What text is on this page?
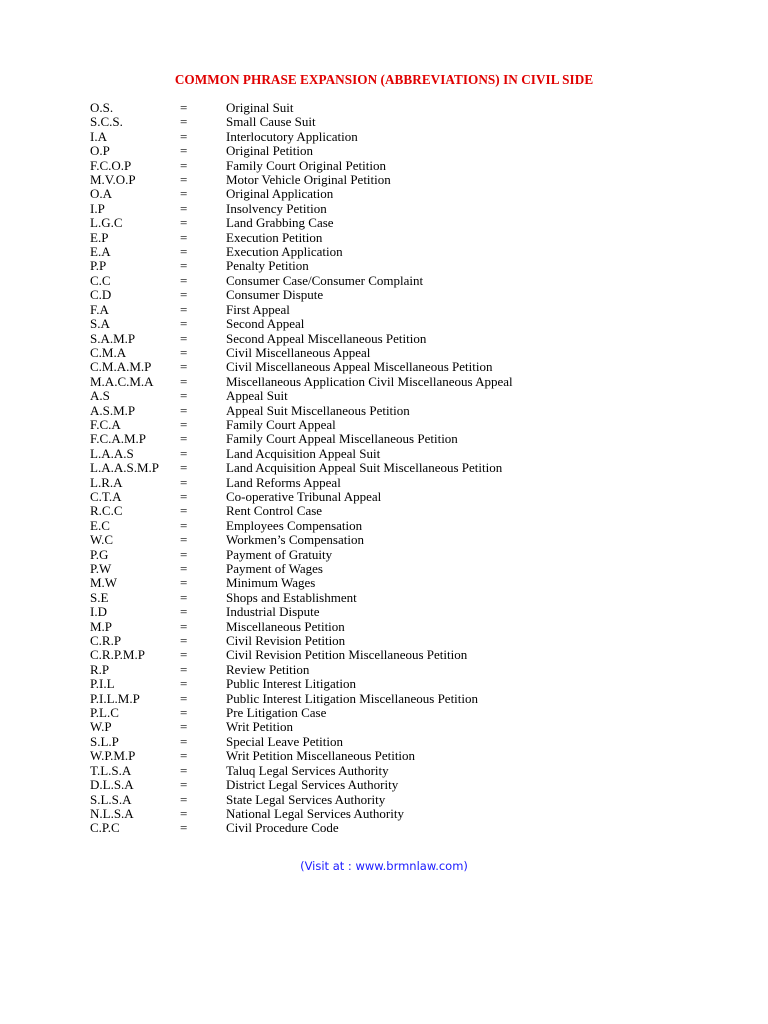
COMMON PHRASE EXPANSION (ABBREVIATIONS) IN CIVIL SIDE
O.S.	=	Original Suit
S.C.S.	=	Small Cause Suit
I.A	=	Interlocutory Application
O.P	=	Original Petition
F.C.O.P	=	Family Court Original Petition
M.V.O.P	=	Motor Vehicle Original Petition
O.A	=	Original Application
I.P	=	Insolvency Petition
L.G.C	=	Land Grabbing Case
E.P	=	Execution Petition
E.A	=	Execution Application
P.P	=	Penalty Petition
C.C	=	Consumer Case/Consumer Complaint
C.D	=	Consumer Dispute
F.A	=	First Appeal
S.A	=	Second Appeal
S.A.M.P	=	Second Appeal Miscellaneous Petition
C.M.A	=	Civil Miscellaneous Appeal
C.M.A.M.P	=	Civil Miscellaneous Appeal Miscellaneous Petition
M.A.C.M.A	=	Miscellaneous Application Civil Miscellaneous Appeal
A.S	=	Appeal Suit
A.S.M.P	=	Appeal Suit Miscellaneous Petition
F.C.A	=	Family Court Appeal
F.C.A.M.P	=	Family Court Appeal Miscellaneous Petition
L.A.A.S	=	Land Acquisition Appeal Suit
L.A.A.S.M.P	=	Land Acquisition Appeal Suit Miscellaneous Petition
L.R.A	=	Land Reforms Appeal
C.T.A	=	Co-operative Tribunal Appeal
R.C.C	=	Rent Control Case
E.C	=	Employees Compensation
W.C	=	Workmen’s Compensation
P.G	=	Payment of Gratuity
P.W	=	Payment of Wages
M.W	=	Minimum Wages
S.E	=	Shops and Establishment
I.D	=	Industrial Dispute
M.P	=	Miscellaneous Petition
C.R.P	=	Civil Revision Petition
C.R.P.M.P	=	Civil Revision Petition Miscellaneous Petition
R.P	=	Review Petition
P.I.L	=	Public Interest Litigation
P.I.L.M.P	=	Public Interest Litigation Miscellaneous Petition
P.L.C	=	Pre Litigation Case
W.P	=	Writ Petition
S.L.P	=	Special Leave Petition
W.P.M.P	=	Writ Petition Miscellaneous Petition
T.L.S.A	=	Taluq Legal Services Authority
D.L.S.A	=	District Legal Services Authority
S.L.S.A	=	State Legal Services Authority
N.L.S.A	=	National Legal Services Authority
C.P.C	=	Civil Procedure Code
(Visit at : www.brmnlaw.com)
